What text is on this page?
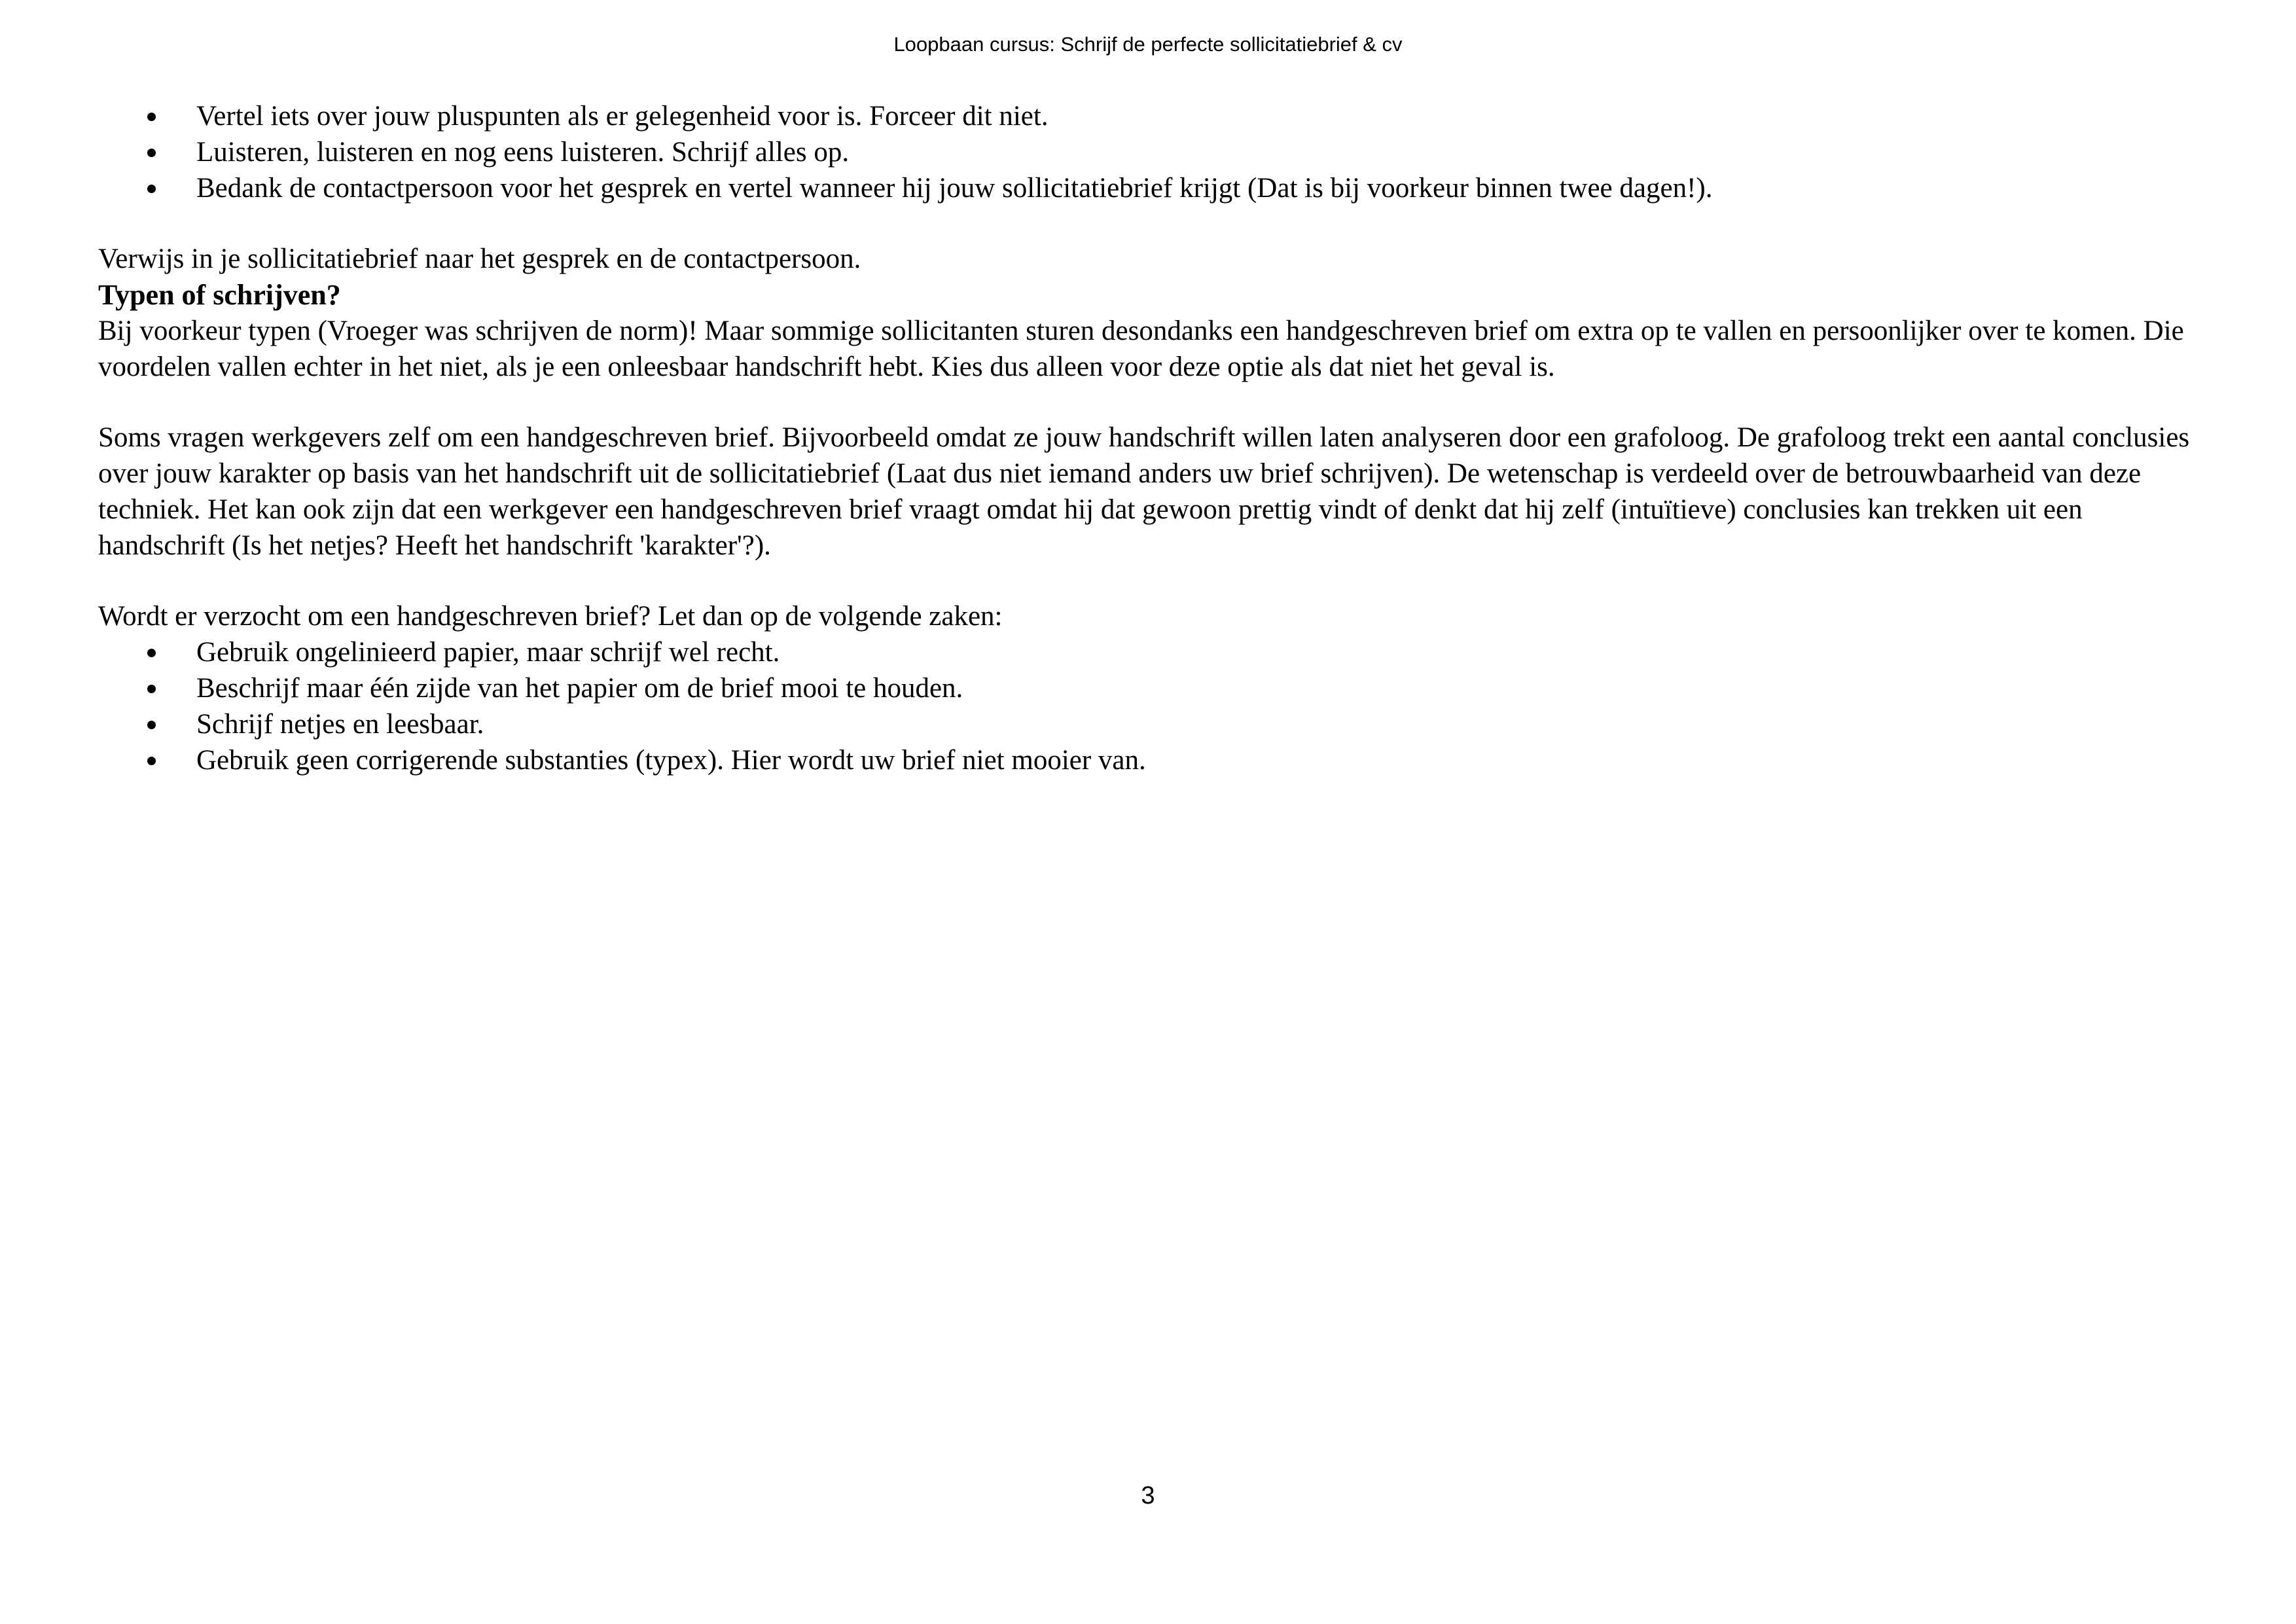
Loopbaan cursus: Schrijf de perfecte sollicitatiebrief & cv
Vertel iets over jouw pluspunten als er gelegenheid voor is. Forceer dit niet.
Luisteren, luisteren en nog eens luisteren. Schrijf alles op.
Bedank de contactpersoon voor het gesprek en vertel wanneer hij jouw sollicitatiebrief krijgt (Dat is bij voorkeur binnen twee dagen!).

Verwijs in je sollicitatiebrief naar het gesprek en de contactpersoon.

Typen of schrijven?

Bij voorkeur typen (Vroeger was schrijven de norm)! Maar sommige sollicitanten sturen desondanks een handgeschreven brief om extra op te vallen en persoonlijker over te komen. Die voordelen vallen echter in het niet, als je een onleesbaar handschrift hebt. Kies dus alleen voor deze optie als dat niet het geval is.

Soms vragen werkgevers zelf om een handgeschreven brief. Bijvoorbeeld omdat ze jouw handschrift willen laten analyseren door een grafoloog. De grafoloog trekt een aantal conclusies over jouw karakter op basis van het handschrift uit de sollicitatiebrief (Laat dus niet iemand anders uw brief schrijven). De wetenschap is verdeeld over de betrouwbaarheid van deze techniek. Het kan ook zijn dat een werkgever een handgeschreven brief vraagt omdat hij dat gewoon prettig vindt of denkt dat hij zelf (intuïtieve) conclusies kan trekken uit een handschrift (Is het netjes? Heeft het handschrift 'karakter'?).

Wordt er verzocht om een handgeschreven brief? Let dan op de volgende zaken:

Gebruik ongelinieerd papier, maar schrijf wel recht.
Beschrijf maar één zijde van het papier om de brief mooi te houden.
Schrijf netjes en leesbaar.
Gebruik geen corrigerende substanties (typex). Hier wordt uw brief niet mooier van.
3
